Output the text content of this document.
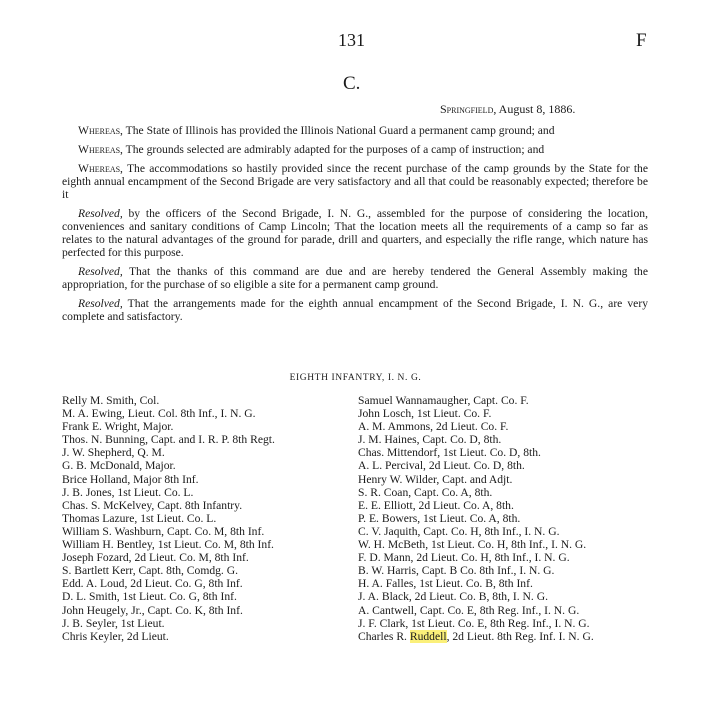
131	F
C.
Springfield, August 8, 1886.

Whereas, The State of Illinois has provided the Illinois National Guard a permanent camp ground; and

Whereas, The grounds selected are admirably adapted for the purposes of a camp of instruction; and

Whereas, The accommodations so hastily provided since the recent purchase of the camp grounds by the State for the eighth annual encampment of the Second Brigade are very satisfactory and all that could be reasonably expected; therefore be it

Resolved, by the officers of the Second Brigade, I. N. G., assembled for the purpose of considering the location, conveniences and sanitary conditions of Camp Lincoln; That the location meets all the requirements of a camp so far as relates to the natural advantages of the ground for parade, drill and quarters, and especially the rifle range, which nature has perfected for this purpose.

Resolved, That the thanks of this command are due and are hereby tendered the General Assembly making the appropriation, for the purchase of so eligible a site for a permanent camp ground.

Resolved, That the arrangements made for the eighth annual encampment of the Second Brigade, I. N. G., are very complete and satisfactory.

EIGHTH INFANTRY, I. N. G.
Relly M. Smith, Col.
M. A. Ewing, Lieut. Col. 8th Inf., I. N. G.
Frank E. Wright, Major.
Thos. N. Bunning, Capt. and I. R. P. 8th Regt.
J. W. Shepherd, Q. M.
G. B. McDonald, Major.
Brice Holland, Major 8th Inf.
J. B. Jones, 1st Lieut. Co. L.
Chas. S. McKelvey, Capt. 8th Infantry.
Thomas Lazure, 1st Lieut. Co. L.
William S. Washburn, Capt. Co. M, 8th Inf.
William H. Bentley, 1st Lieut. Co. M, 8th Inf.
Joseph Fozard, 2d Lieut. Co. M, 8th Inf.
S. Bartlett Kerr, Capt. 8th, Comdg. G.
Edd. A. Loud, 2d Lieut. Co. G, 8th Inf.
D. L. Smith, 1st Lieut. Co. G, 8th Inf.
John Heugely, Jr., Capt. Co. K, 8th Inf.
J. B. Seyler, 1st Lieut.
Chris Keyler, 2d Lieut.
Samuel Wannamaugher, Capt. Co. F.
John Losch, 1st Lieut. Co. F.
A. M. Ammons, 2d Lieut. Co. F.
J. M. Haines, Capt. Co. D, 8th.
Chas. Mittendorf, 1st Lieut. Co. D, 8th.
A. L. Percival, 2d Lieut. Co. D, 8th.
Henry W. Wilder, Capt. and Adjt.
S. R. Coan, Capt. Co. A, 8th.
E. E. Elliott, 2d Lieut. Co. A, 8th.
P. E. Bowers, 1st Lieut. Co. A, 8th.
C. V. Jaquith, Capt. Co. H, 8th Inf., I. N. G.
W. H. McBeth, 1st Lieut. Co. H, 8th Inf., I. N. G.
F. D. Mann, 2d Lieut. Co. H, 8th Inf., I. N. G.
B. W. Harris, Capt. B Co. 8th Inf., I. N. G.
H. A. Falles, 1st Lieut. Co. B, 8th Inf.
J. A. Black, 2d Lieut. Co. B, 8th, I. N. G.
A. Cantwell, Capt. Co. E, 8th Reg. Inf., I. N. G.
J. F. Clark, 1st Lieut. Co. E, 8th Reg. Inf., I. N. G.
Charles R. Ruddell, 2d Lieut. 8th Reg. Inf. I. N. G.
